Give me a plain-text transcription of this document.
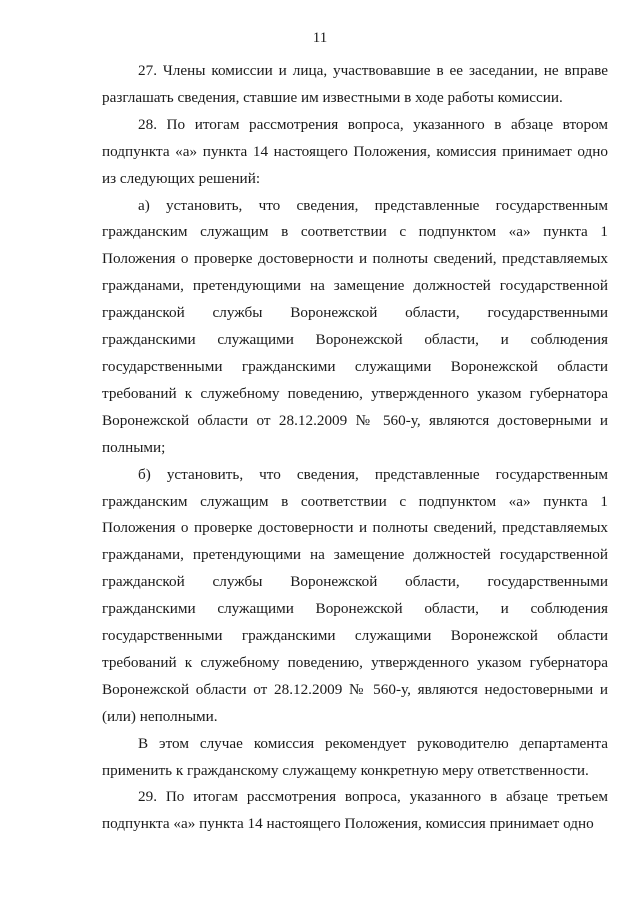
11

27. Члены комиссии и лица, участвовавшие в ее заседании, не вправе разглашать сведения, ставшие им известными в ходе работы комиссии.

28. По итогам рассмотрения вопроса, указанного в абзаце втором подпункта «а» пункта 14 настоящего Положения, комиссия принимает одно из следующих решений:

а) установить, что сведения, представленные государственным гражданским служащим в соответствии с подпунктом «а» пункта 1 Положения о проверке достоверности и полноты сведений, представляемых гражданами, претендующими на замещение должностей государственной гражданской службы Воронежской области, государственными гражданскими служащими Воронежской области, и соблюдения государственными гражданскими служащими Воронежской области требований к служебному поведению, утвержденного указом губернатора Воронежской области от 28.12.2009 № 560-у, являются достоверными и полными;

б) установить, что сведения, представленные государственным гражданским служащим в соответствии с подпунктом «а» пункта 1 Положения о проверке достоверности и полноты сведений, представляемых гражданами, претендующими на замещение должностей государственной гражданской службы Воронежской области, государственными гражданскими служащими Воронежской области, и соблюдения государственными гражданскими служащими Воронежской области требований к служебному поведению, утвержденного указом губернатора Воронежской области от 28.12.2009 № 560-у, являются недостоверными и (или) неполными.

В этом случае комиссия рекомендует руководителю департамента применить к гражданскому служащему конкретную меру ответственности.

29. По итогам рассмотрения вопроса, указанного в абзаце третьем подпункта «а» пункта 14 настоящего Положения, комиссия принимает одно
